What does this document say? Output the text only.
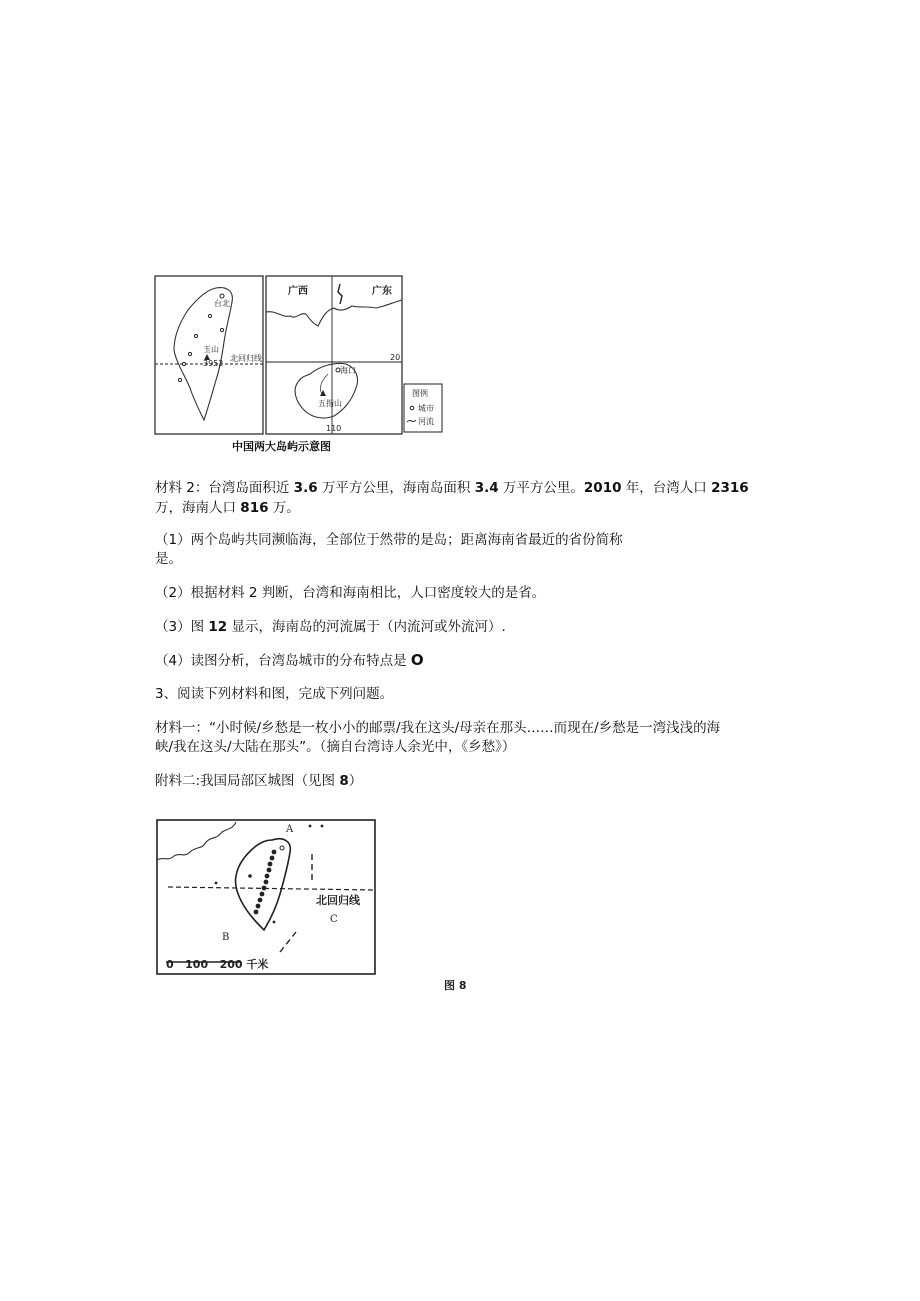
台北
玉山
3952
北回归线
广西	广东
20
110
海口
五指山
图例
城市
河流
中国两大岛屿示意图
材料 2：台湾岛面积近 3.6 万平方公里，海南岛面积 3.4 万平方公里。2010 年，台湾人口 2316
万，海南人口 816 万。
（1）两个岛屿共同濒临海，全部位于然带的是岛；距离海南省最近的省份简称
是。
（2）根据材料 2 判断，台湾和海南相比，人口密度较大的是省。
（3）图 12 显示，海南岛的河流属于（内流河或外流河）.
（4）读图分析，台湾岛城市的分布特点是 O
3、阅读下列材料和图，完成下列问题。
材料一：“小时候/乡愁是一枚小小的邮票/我在这头/母亲在那头……而现在/乡愁是一湾浅浅的海
峡/我在这头/大陆在那头”。（摘自台湾诗人余光中，《乡愁》）
附料二:我国局部区城图（见图 8）
北回归线
A
B
C
0   100   200 千米
图 8
